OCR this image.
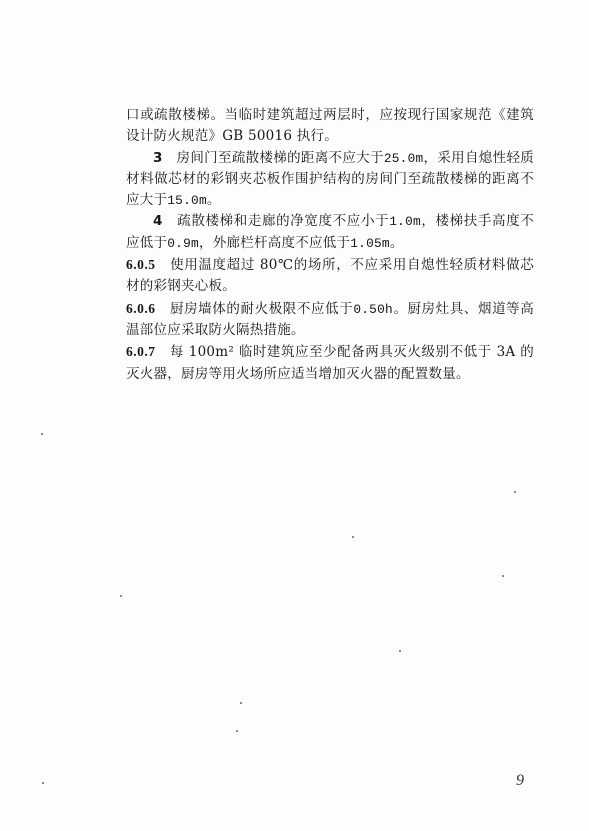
口或疏散楼梯。当临时建筑超过两层时，应按现行国家规范《建筑设计防火规范》GB 50016 执行。

3　 房间门至疏散楼梯的距离不应大于25.0m，采用自熄性轻质材料做芯材的彩钢夹芯板作围护结构的房间门至疏散楼梯的距离不应大于15.0m。

4　 疏散楼梯和走廊的净宽度不应小于1.0m，楼梯扶手高度不应低于0.9m，外廊栏杆高度不应低于1.05m。

6.0.5　 使用温度超过 80℃的场所，不应采用自熄性轻质材料做芯材的彩钢夹心板。

6.0.6　 厨房墙体的耐火极限不应低于0.50h。厨房灶具、烟道等高温部位应采取防火隔热措施。

6.0.7　 每 100m² 临时建筑应至少配备两具灭火级别不低于 3A 的灭火器，厨房等用火场所应适当增加灭火器的配置数量。

9
